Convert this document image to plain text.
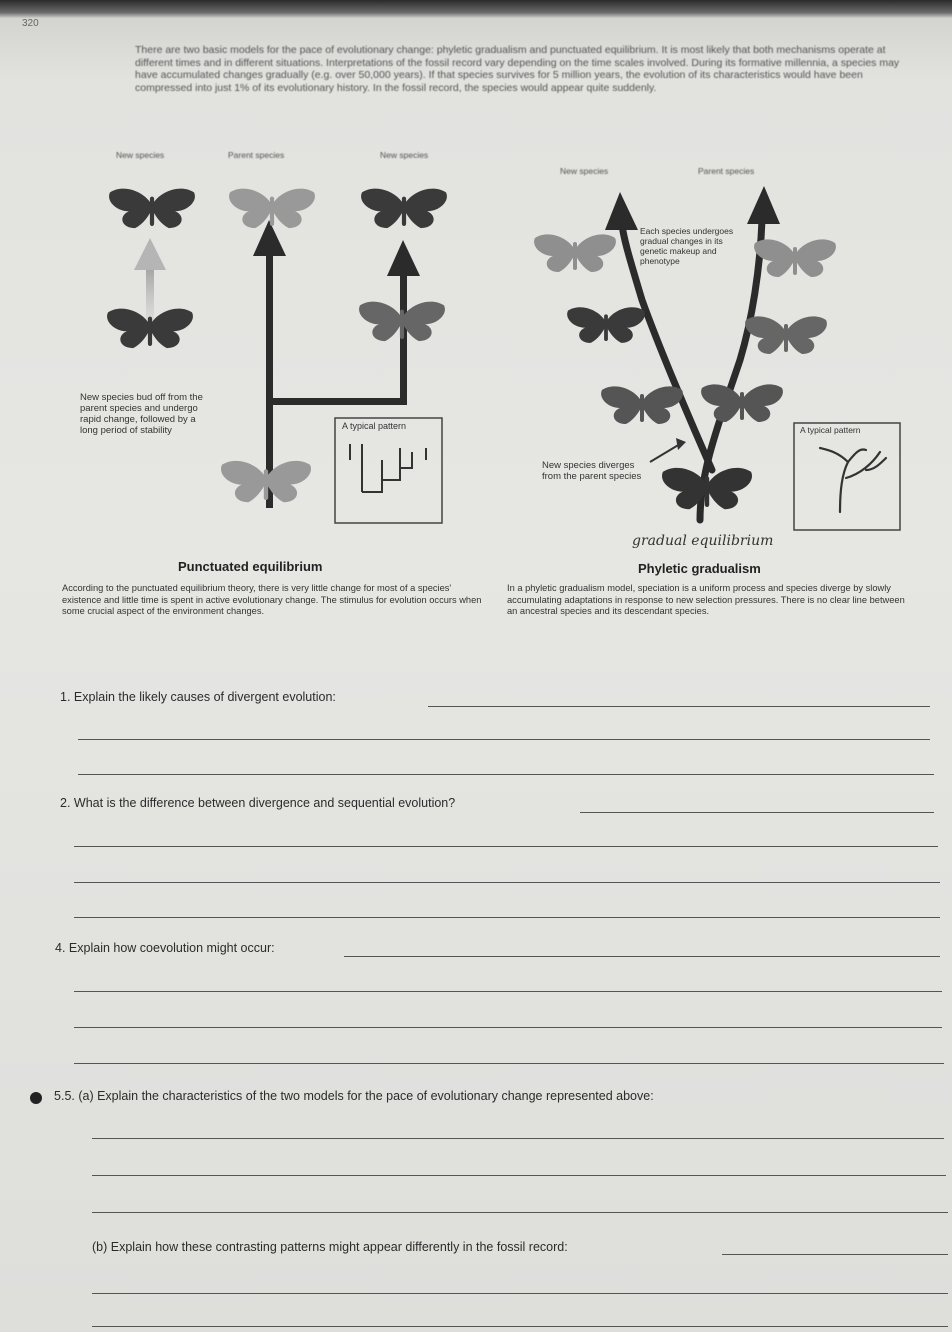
320
There are two basic models for the pace of evolutionary change: phyletic gradualism and punctuated equilibrium. It is most likely that both mechanisms operate at different times and in different situations. Interpretations of the fossil record vary depending on the time scales involved. During its formative millennia, a species may have accumulated changes gradually (e.g. over 50,000 years). If that species survives for 5 million years, the evolution of its characteristics would have been compressed into just 1% of its evolutionary history. In the fossil record, the species would appear quite suddenly.
New species	Parent species	New species
New species bud off from the parent species and undergo rapid change, followed by a long period of stability	A typical pattern
Punctuated equilibrium
According to the punctuated equilibrium theory, there is very little change for most of a species' existence and little time is spent in active evolutionary change. The stimulus for evolution occurs when some crucial aspect of the environment changes.
New species	Parent species
Each species undergoes gradual changes in its genetic makeup and phenotype
New species diverges from the parent species
A typical pattern
gradual equilibrium
Phyletic gradualism
In a phyletic gradualism model, speciation is a uniform process and species diverge by slowly accumulating adaptations in response to new selection pressures. There is no clear line between an ancestral species and its descendant species.
1. Explain the likely causes of divergent evolution:
2. What is the difference between divergence and sequential evolution?
4. Explain how coevolution might occur:
5.5. (a) Explain the characteristics of the two models for the pace of evolutionary change represented above:
(b) Explain how these contrasting patterns might appear differently in the fossil record:
